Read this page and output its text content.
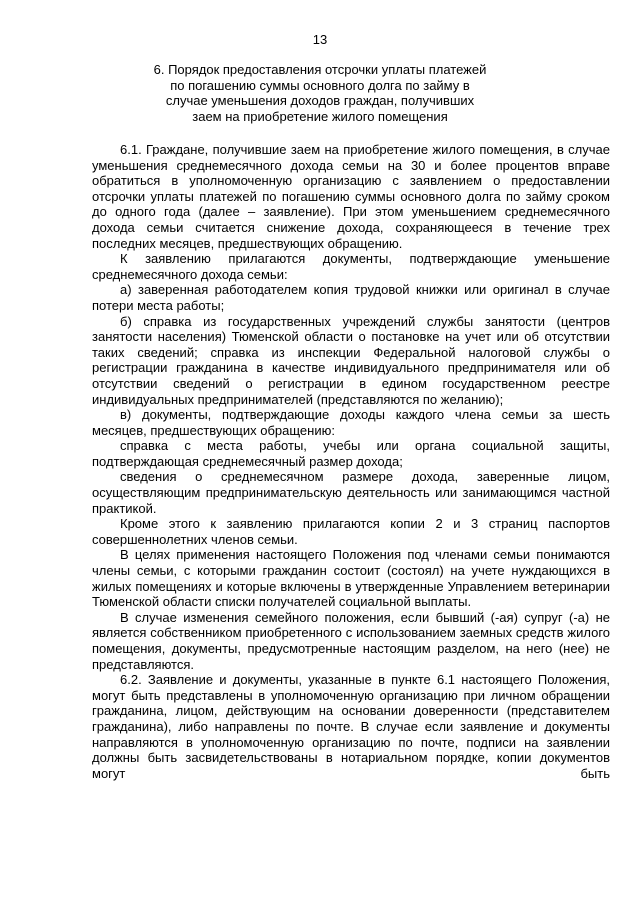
13
6. Порядок предоставления отсрочки уплаты платежей по погашению суммы основного долга по займу в случае уменьшения доходов граждан, получивших заем на приобретение жилого помещения

6.1. Граждане, получившие заем на приобретение жилого помещения, в случае уменьшения среднемесячного дохода семьи на 30 и более процентов вправе обратиться в уполномоченную организацию с заявлением о предоставлении отсрочки уплаты платежей по погашению суммы основного долга по займу сроком до одного года (далее – заявление). При этом уменьшением среднемесячного дохода семьи считается снижение дохода, сохраняющееся в течение трех последних месяцев, предшествующих обращению.

К заявлению прилагаются документы, подтверждающие уменьшение среднемесячного дохода семьи:

а) заверенная работодателем копия трудовой книжки или оригинал в случае потери места работы;

б) справка из государственных учреждений службы занятости (центров занятости населения) Тюменской области о постановке на учет или об отсутствии таких сведений; справка из инспекции Федеральной налоговой службы о регистрации гражданина в качестве индивидуального предпринимателя или об отсутствии сведений о регистрации в едином государственном реестре индивидуальных предпринимателей (представляются по желанию);

в) документы, подтверждающие доходы каждого члена семьи за шесть месяцев, предшествующих обращению:

справка с места работы, учебы или органа социальной защиты, подтверждающая среднемесячный размер дохода;

сведения о среднемесячном размере дохода, заверенные лицом, осуществляющим предпринимательскую деятельность или занимающимся частной практикой.

Кроме этого к заявлению прилагаются копии 2 и 3 страниц паспортов совершеннолетних членов семьи.

В целях применения настоящего Положения под членами семьи понимаются члены семьи, с которыми гражданин состоит (состоял) на учете нуждающихся в жилых помещениях и которые включены в утвержденные Управлением ветеринарии Тюменской области списки получателей социальной выплаты.

В случае изменения семейного положения, если бывший (-ая) супруг (-а) не является собственником приобретенного с использованием заемных средств жилого помещения, документы, предусмотренные настоящим разделом, на него (нее) не представляются.

6.2. Заявление и документы, указанные в пункте 6.1 настоящего Положения, могут быть представлены в уполномоченную организацию при личном обращении гражданина, лицом, действующим на основании доверенности (представителем гражданина), либо направлены по почте. В случае если заявление и документы направляются в уполномоченную организацию по почте, подписи на заявлении должны быть засвидетельствованы в нотариальном порядке, копии документов могут быть
